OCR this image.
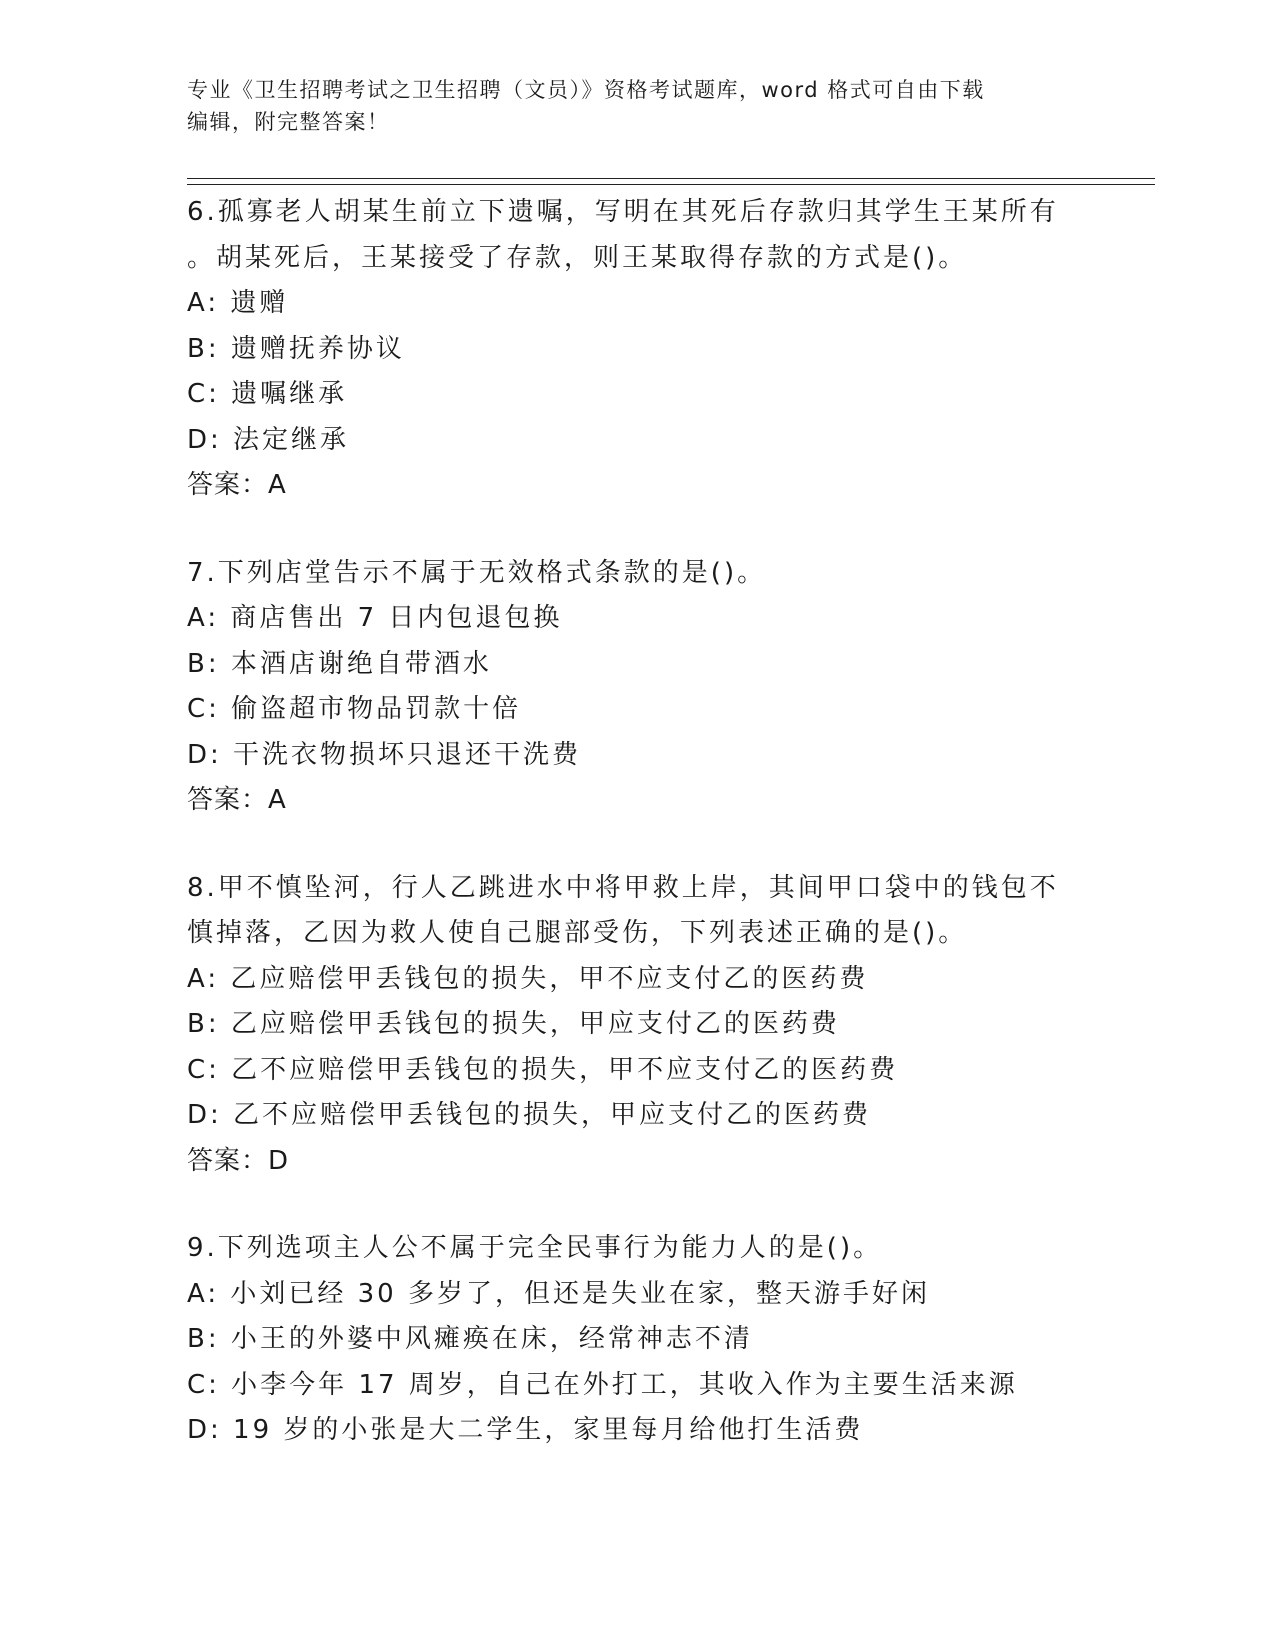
专业《卫生招聘考试之卫生招聘（文员）》资格考试题库，word 格式可自由下载
编辑，附完整答案！
6.孤寡老人胡某生前立下遗嘱，写明在其死后存款归其学生王某所有
。胡某死后，王某接受了存款，则王某取得存款的方式是()。
A: 遗赠
B: 遗赠抚养协议
C: 遗嘱继承
D: 法定继承
答案：A
7.下列店堂告示不属于无效格式条款的是()。
A: 商店售出 7 日内包退包换
B: 本酒店谢绝自带酒水
C: 偷盗超市物品罚款十倍
D: 干洗衣物损坏只退还干洗费
答案：A
8.甲不慎坠河，行人乙跳进水中将甲救上岸，其间甲口袋中的钱包不
慎掉落，乙因为救人使自己腿部受伤，下列表述正确的是()。
A: 乙应赔偿甲丢钱包的损失，甲不应支付乙的医药费
B: 乙应赔偿甲丢钱包的损失，甲应支付乙的医药费
C: 乙不应赔偿甲丢钱包的损失，甲不应支付乙的医药费
D: 乙不应赔偿甲丢钱包的损失，甲应支付乙的医药费
答案：D
9.下列选项主人公不属于完全民事行为能力人的是()。
A: 小刘已经 30 多岁了，但还是失业在家，整天游手好闲
B: 小王的外婆中风瘫痪在床，经常神志不清
C: 小李今年 17 周岁，自己在外打工，其收入作为主要生活来源
D: 19 岁的小张是大二学生，家里每月给他打生活费
